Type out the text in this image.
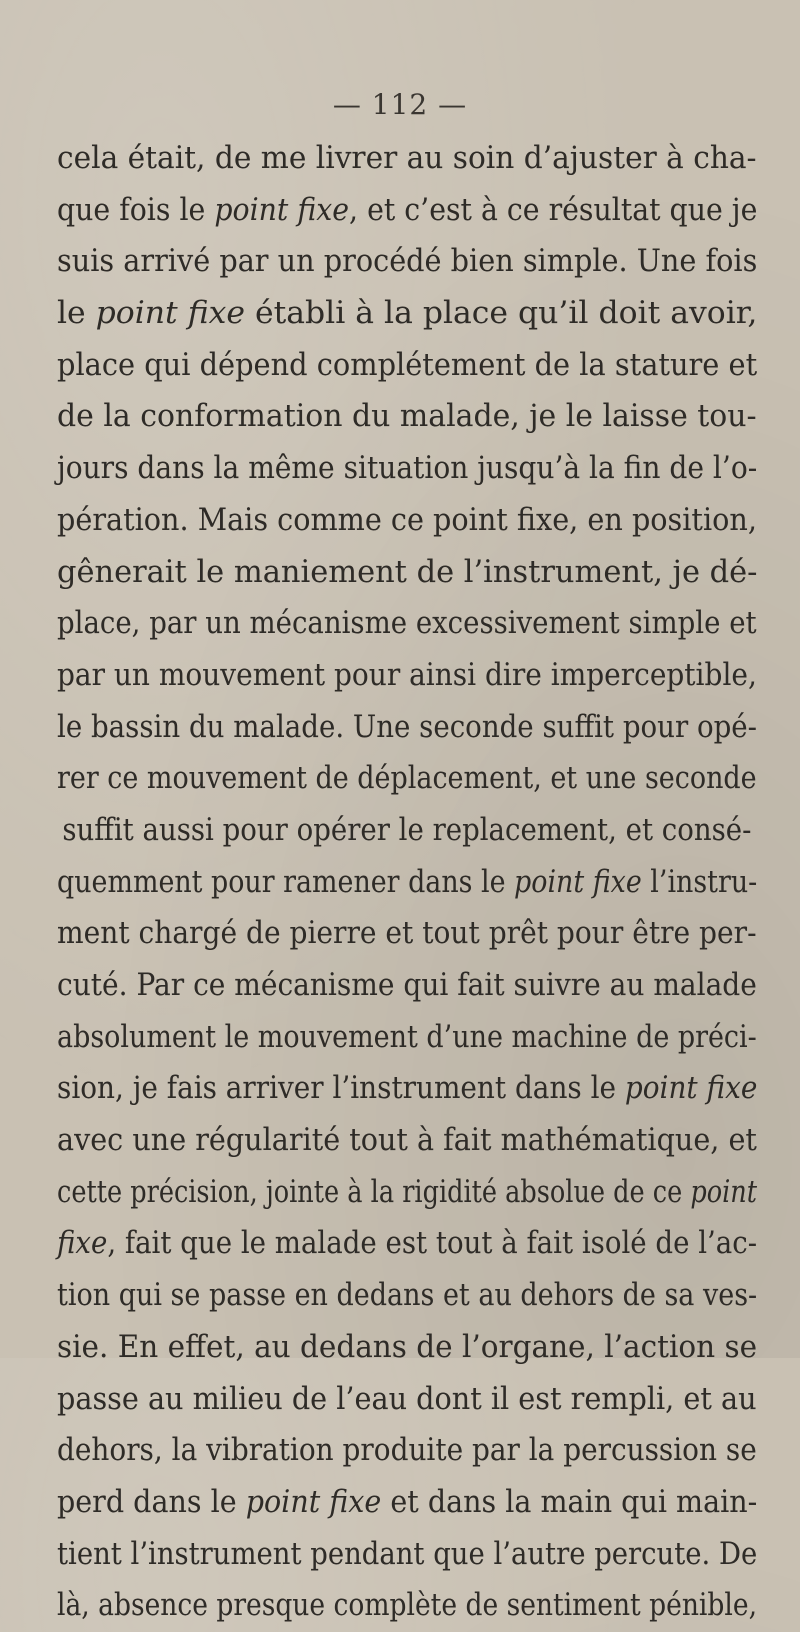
— 112 —
cela était, de me livrer au soin d’ajuster à cha-
que fois le point fixe, et c’est à ce résultat que je
suis arrivé par un procédé bien simple. Une fois
le point fixe établi à la place qu’il doit avoir,
place qui dépend complétement de la stature et
de la conformation du malade, je le laisse tou-
jours dans la même situation jusqu’à la fin de l’o-
pération. Mais comme ce point fixe, en position,
gênerait le maniement de l’instrument, je dé-
place, par un mécanisme excessivement simple et
par un mouvement pour ainsi dire imperceptible,
le bassin du malade. Une seconde suffit pour opé-
rer ce mouvement de déplacement, et une seconde
suffit aussi pour opérer le replacement, et consé-
quemment pour ramener dans le point fixe l’instru-
ment chargé de pierre et tout prêt pour être per-
cuté. Par ce mécanisme qui fait suivre au malade
absolument le mouvement d’une machine de préci-
sion, je fais arriver l’instrument dans le point fixe
avec une régularité tout à fait mathématique, et
cette précision, jointe à la rigidité absolue de ce point
fixe, fait que le malade est tout à fait isolé de l’ac-
tion qui se passe en dedans et au dehors de sa ves-
sie. En effet, au dedans de l’organe, l’action se
passe au milieu de l’eau dont il est rempli, et au
dehors, la vibration produite par la percussion se
perd dans le point fixe et dans la main qui main-
tient l’instrument pendant que l’autre percute. De
là, absence presque complète de sentiment pénible,
